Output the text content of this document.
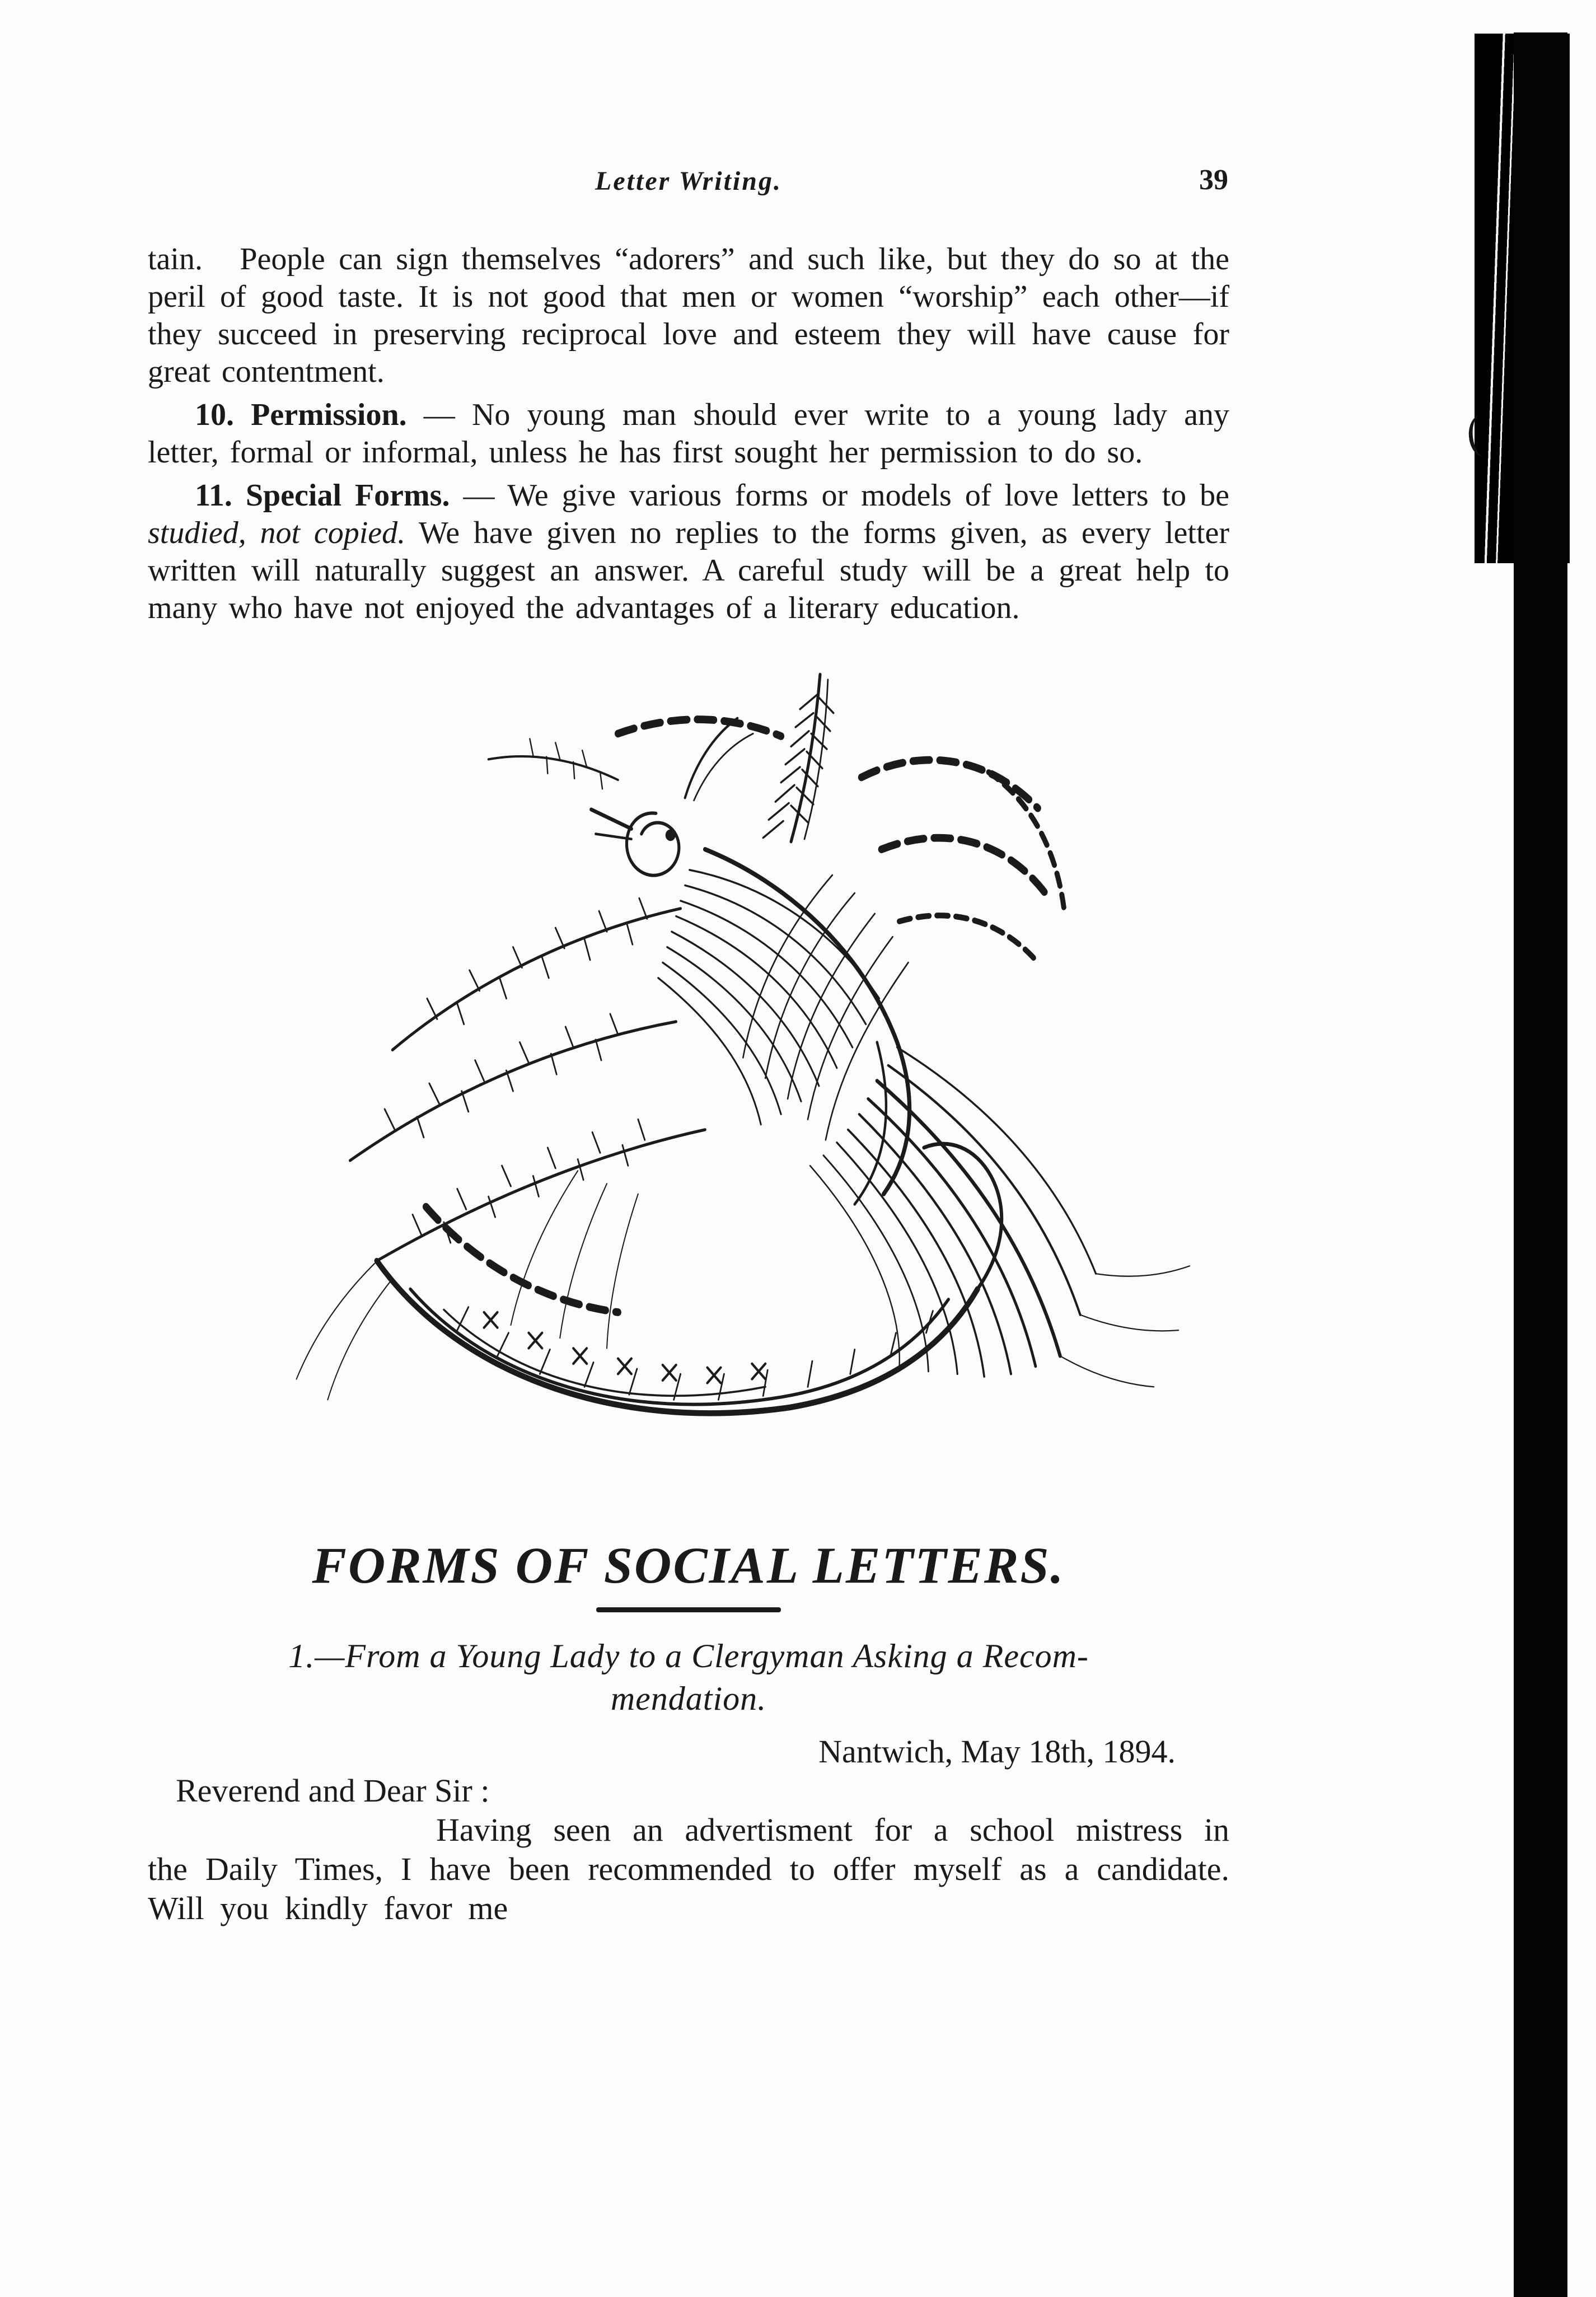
Letter Writing.	39

tain. People can sign themselves “adorers” and such like, but they do so at the peril of good taste. It is not good that men or women “worship” each other—if they succeed in preserving reciprocal love and esteem they will have cause for great contentment.

10. Permission. — No young man should ever write to a young lady any letter, formal or informal, unless he has first sought her permission to do so.

11. Special Forms. — We give various forms or models of love letters to be studied, not copied. We have given no replies to the forms given, as every letter written will naturally suggest an answer. A careful study will be a great help to many who have not enjoyed the advantages of a literary education.

FORMS OF SOCIAL LETTERS.
1.—From a Young Lady to a Clergyman Asking a Recom-
mendation.
Nantwich, May 18th, 1894.
Reverend and Dear Sir :

Having seen an advertisment for a school mistress in the Daily Times, I have been recommended to offer myself as a candidate. Will you kindly favor me
